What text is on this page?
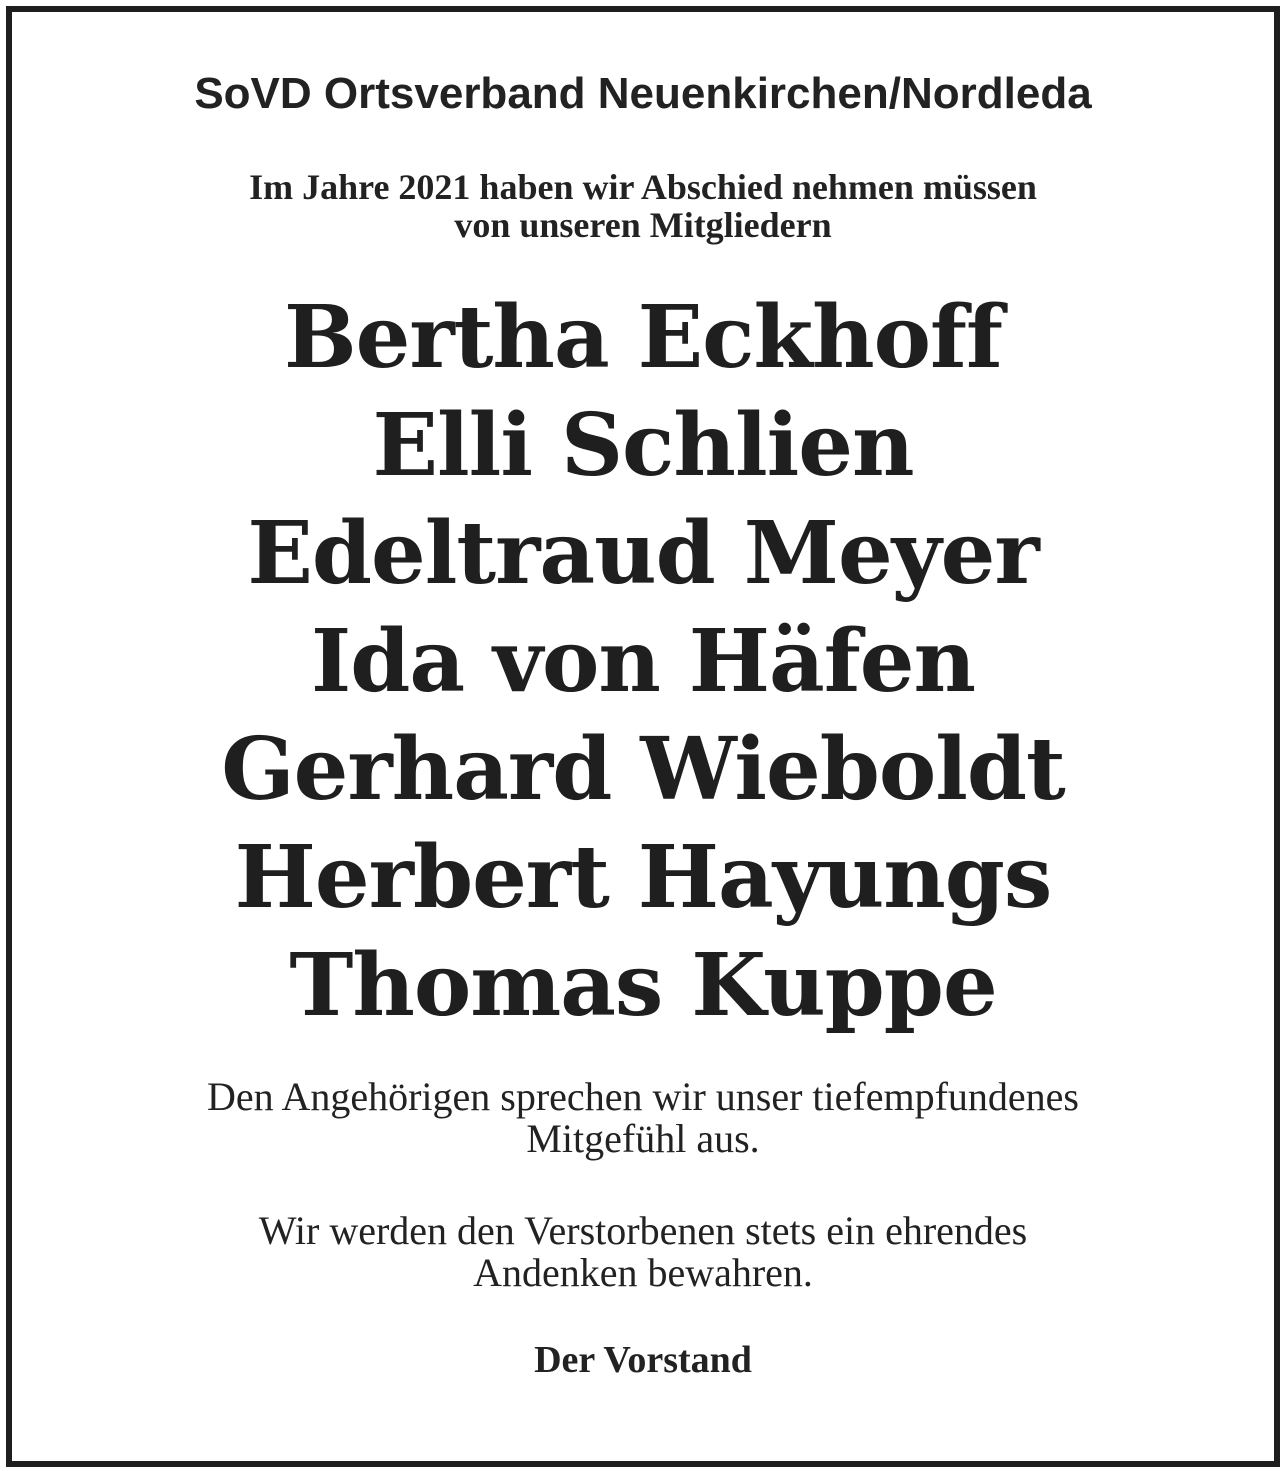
SoVD Ortsverband Neuenkirchen/Nordleda
Im Jahre 2021 haben wir Abschied nehmen müssen
von unseren Mitgliedern
Bertha Eckhoff
Elli Schlien
Edeltraud Meyer
Ida von Häfen
Gerhard Wieboldt
Herbert Hayungs
Thomas Kuppe
Den Angehörigen sprechen wir unser tiefempfundenes
Mitgefühl aus.
Wir werden den Verstorbenen stets ein ehrendes
Andenken bewahren.
Der Vorstand
